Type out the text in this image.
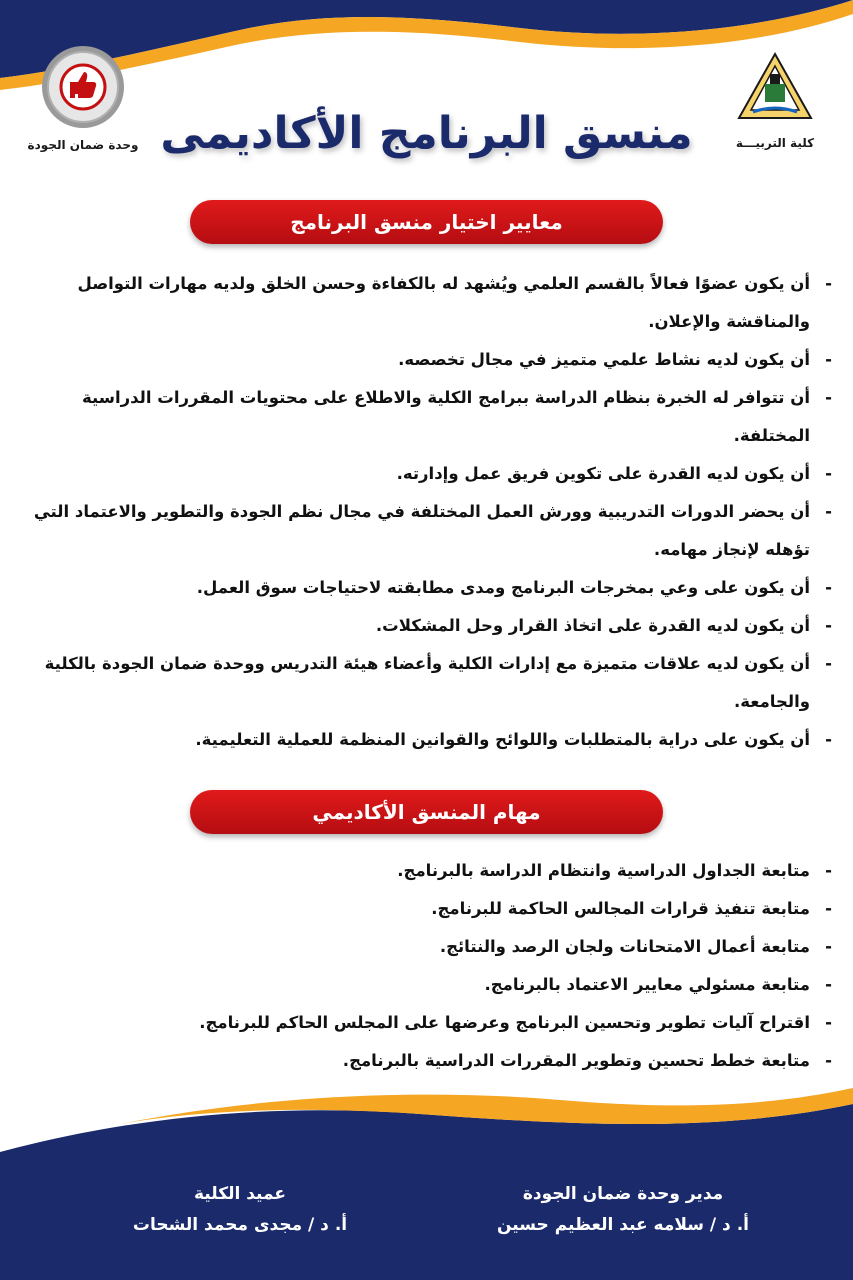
كلية التربيـــة
وحدة ضمان الجودة منسق البرنامج الأكاديمى
معايير اختيار منسق البرنامج
- أن يكون عضوًا فعالاً بالقسم العلمي ويُشهد له بالكفاءة وحسن الخلق ولديه مهارات التواصل والمناقشة والإعلان.
- أن يكون لديه نشاط علمي متميز في مجال تخصصه.
- أن تتوافر له الخبرة بنظام الدراسة ببرامج الكلية والاطلاع على محتويات المقررات الدراسية المختلفة.
- أن يكون لديه القدرة على تكوين فريق عمل وإدارته.
- أن يحضر الدورات التدريبية وورش العمل المختلفة في مجال نظم الجودة والتطوير والاعتماد التي تؤهله لإنجاز مهامه.
- أن يكون على وعي بمخرجات البرنامج ومدى مطابقته لاحتياجات سوق العمل.
- أن يكون لديه القدرة على اتخاذ القرار وحل المشكلات.
- أن يكون لديه علاقات متميزة مع إدارات الكلية وأعضاء هيئة التدريس ووحدة ضمان الجودة بالكلية والجامعة.
- أن يكون على دراية بالمتطلبات واللوائح والقوانين المنظمة للعملية التعليمية.
مهام المنسق الأكاديمي
- متابعة الجداول الدراسية وانتظام الدراسة بالبرنامج.
- متابعة تنفيذ قرارات المجالس الحاكمة للبرنامج.
- متابعة أعمال الامتحانات ولجان الرصد والنتائج.
- متابعة مسئولي معايير الاعتماد بالبرنامج.
- اقتراح آليات تطوير وتحسين البرنامج وعرضها على المجلس الحاكم للبرنامج.
- متابعة خطط تحسين وتطوير المقررات الدراسية بالبرنامج.
مدير وحدة ضمان الجودة
أ. د / سلامه عبد العظيم حسين
عميد الكلية
أ. د / مجدى محمد الشحات
